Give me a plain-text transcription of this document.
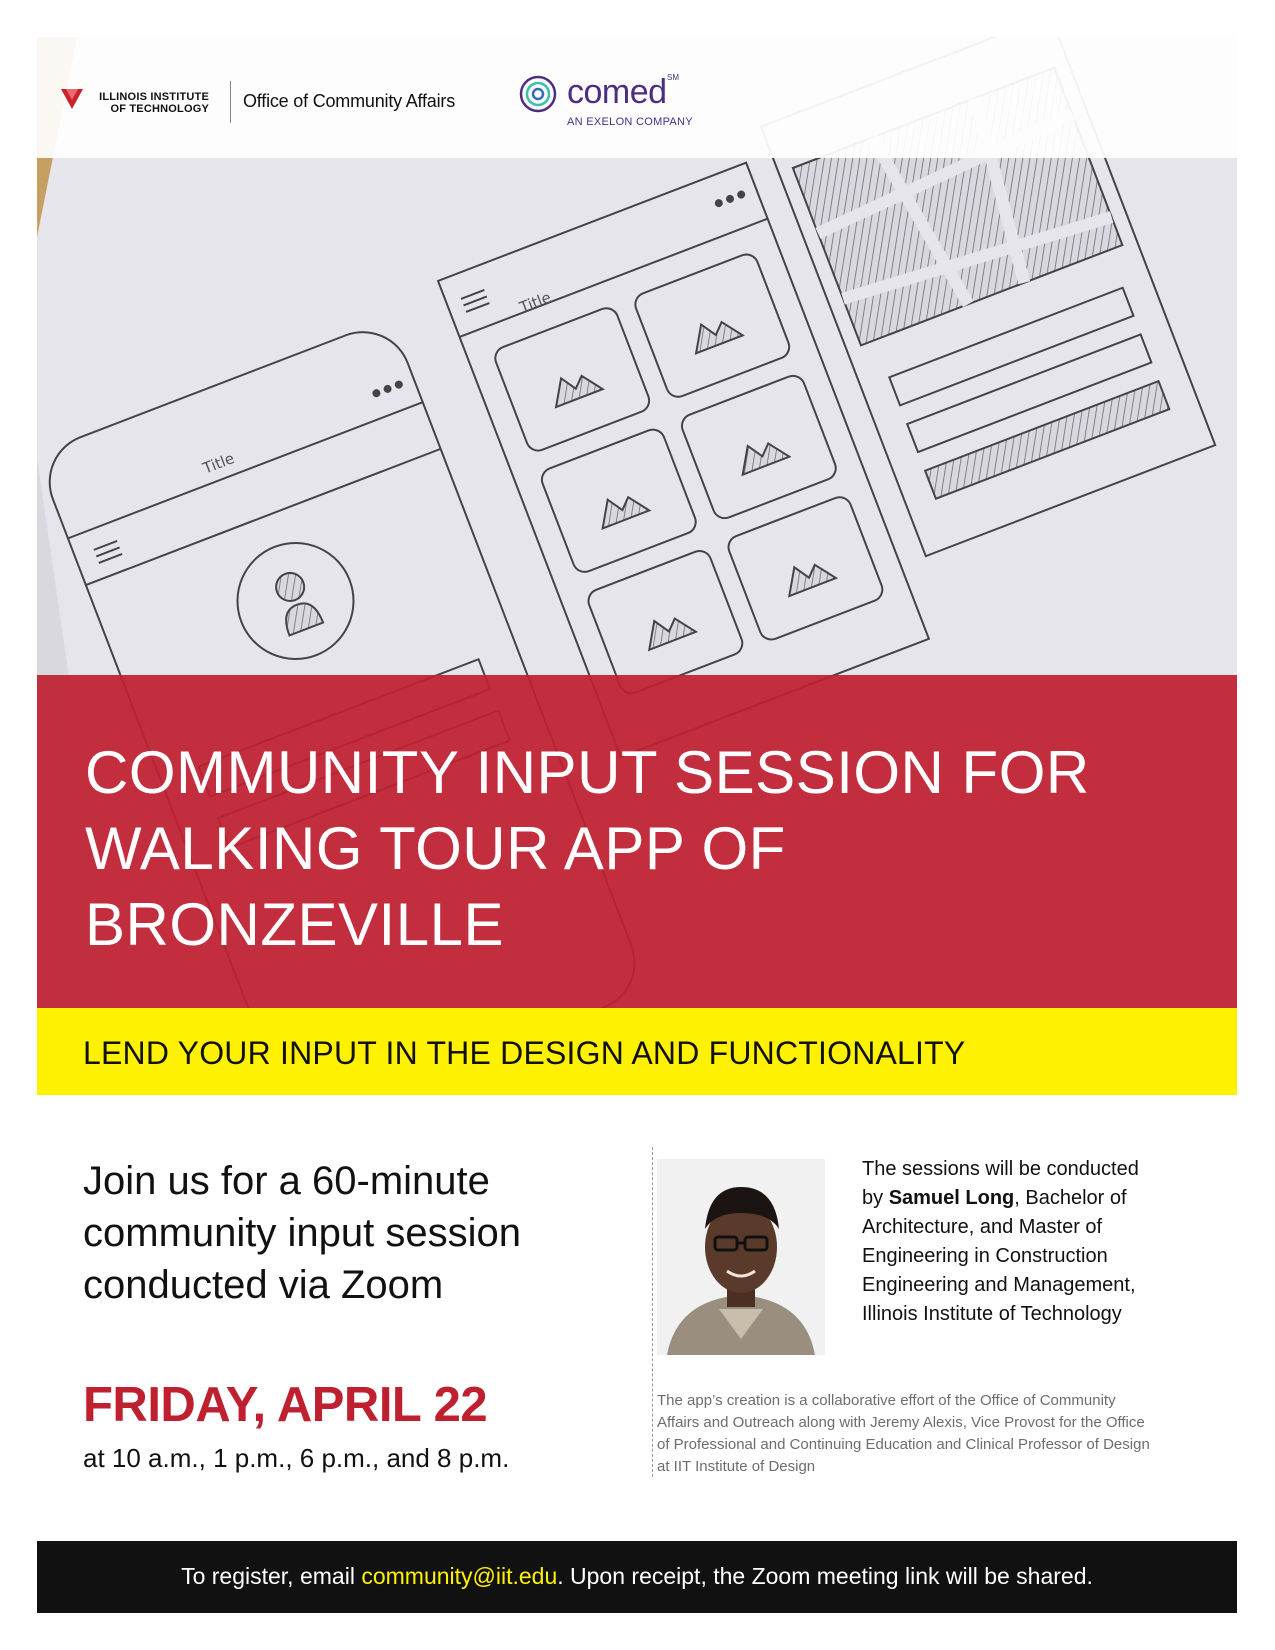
Title
Title
ILLINOIS INSTITUTE
OF TECHNOLOGY Office of Community Affairs	comed SM
AN EXELON COMPANY
COMMUNITY INPUT SESSION FOR WALKING TOUR APP OF BRONZEVILLE
LEND YOUR INPUT IN THE DESIGN AND FUNCTIONALITY
Join us for a 60-minute community input session conducted via Zoom
FRIDAY, APRIL 22
at 10 a.m., 1 p.m., 6 p.m., and 8 p.m.
The sessions will be conducted by Samuel Long, Bachelor of Architecture, and Master of Engineering in Construction Engineering and Management, Illinois Institute of Technology
The app’s creation is a collaborative effort of the Office of Community Affairs and Outreach along with Jeremy Alexis, Vice Provost for the Office of Professional and Continuing Education and Clinical Professor of Design at IIT Institute of Design
To register, email community@iit.edu. Upon receipt, the Zoom meeting link will be shared.
